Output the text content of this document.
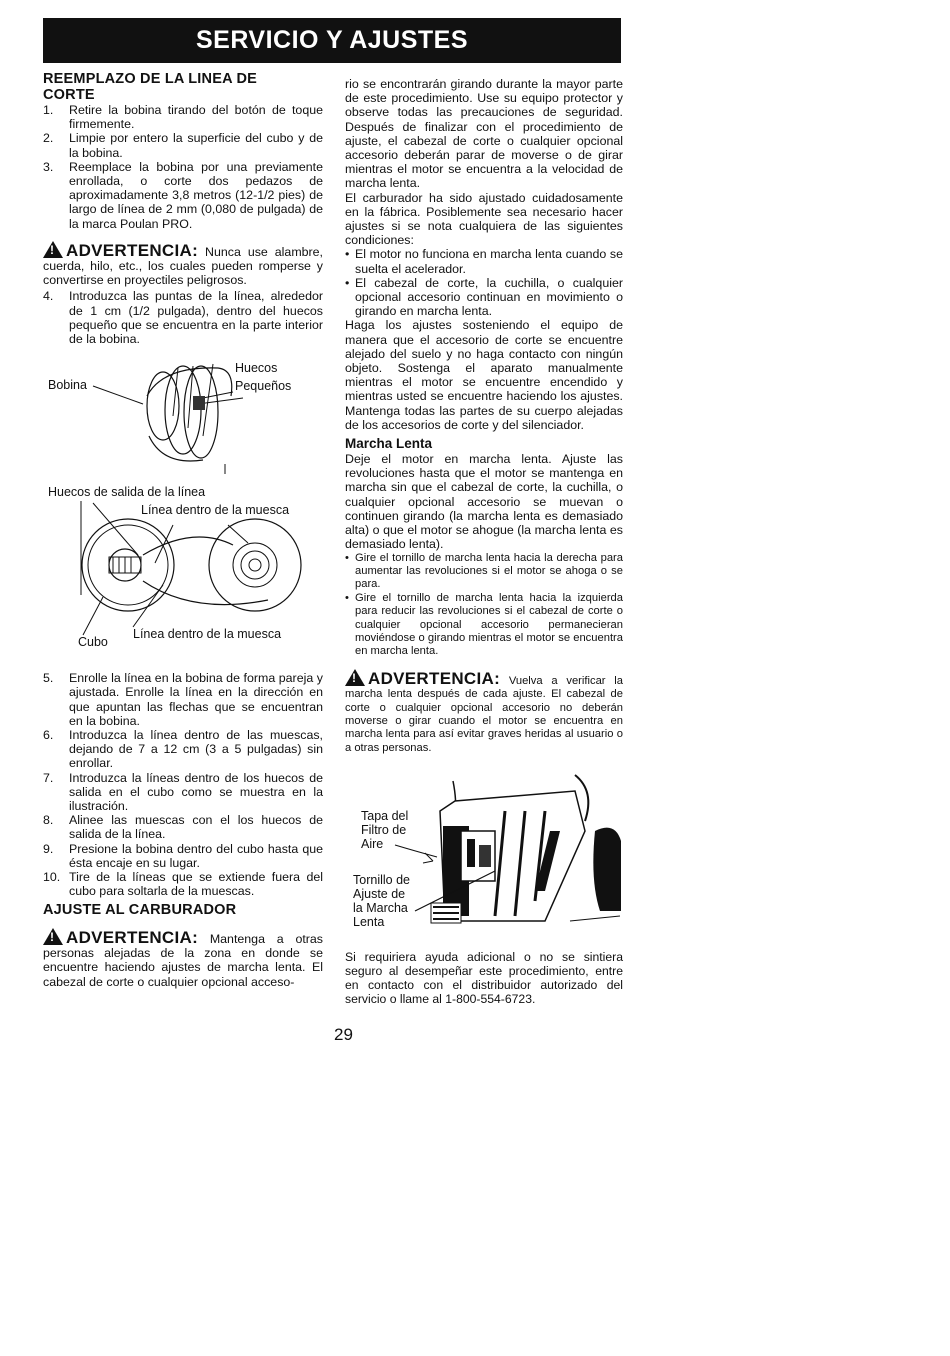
SERVICIO Y AJUSTES
REEMPLAZO DE LA LINEA DE CORTE
1. Retire la bobina tirando del botón de toque firmemente.
2. Limpie por entero la superficie del cubo y de la bobina.
3. Reemplace la bobina por una previamente enrollada, o corte dos pedazos de aproximadamente 3,8 metros (12-1/2 pies) de largo de línea de 2 mm (0,080 de pulgada) de la marca Poulan PRO.
!ADVERTENCIA: Nunca use alambre, cuerda, hilo, etc., los cuales pueden romperse y convertirse en proyectiles peligrosos.
4. Introduzca las puntas de la línea, alrededor de 1 cm (1/2 pulgada), dentro del huecos pequeño que se encuentra en la parte interior de la bobina.
Bobina
Huecos
Pequeños
Huecos de salida de la línea
Línea dentro de la muesca
Cubo
Línea dentro de la muesca
5. Enrolle la línea en la bobina de forma pareja y ajustada. Enrolle la línea en la dirección en que apuntan las flechas que se encuentran en la bobina.
6. Introduzca la línea dentro de las muescas, dejando de 7 a 12 cm (3 a 5 pulgadas) sin enrollar.
7. Introduzca la líneas dentro de los huecos de salida en el cubo como se muestra en la ilustración.
8. Alinee las muescas con el los huecos de salida de la línea.
9. Presione la bobina dentro del cubo hasta que ésta encaje en su lugar.
10. Tire de la líneas que se extiende fuera del cubo para soltarla de la muescas.
AJUSTE AL CARBURADOR
!ADVERTENCIA: Mantenga a otras personas alejadas de la zona en donde se encuentre haciendo ajustes de marcha lenta. El cabezal de corte o cualquier opcional acceso-
rio se encontrarán girando durante la mayor parte de este procedimiento. Use su equipo protector y observe todas las precauciones de seguridad. Después de finalizar con el procedimiento de ajuste, el cabezal de corte o cualquier opcional accesorio deberán parar de moverse o de girar mientras el motor se encuentra a la velocidad de marcha lenta.
El carburador ha sido ajustado cuidadosamente en la fábrica. Posiblemente sea necesario hacer ajustes si se nota cualquiera de las siguientes condiciones:
• El motor no funciona en marcha lenta cuando se suelta el acelerador.
• El cabezal de corte, la cuchilla, o cualquier opcional accesorio continuan en movimiento o girando en marcha lenta.
Haga los ajustes sosteniendo el equipo de manera que el accesorio de corte se encuentre alejado del suelo y no haga contacto con ningún objeto. Sostenga el aparato manualmente mientras el motor se encuentre encendido y mientras usted se encuentre haciendo los ajustes. Mantenga todas las partes de su cuerpo alejadas de los accesorios de corte y del silenciador.
Marcha Lenta
Deje el motor en marcha lenta. Ajuste las revoluciones hasta que el motor se mantenga en marcha sin que el cabezal de corte, la cuchilla, o cualquier opcional accesorio se muevan o continuen girando (la marcha lenta es demasiado alta) o que el motor se ahogue (la marcha lenta es demasiado lenta).
• Gire el tornillo de marcha lenta hacia la derecha para aumentar las revoluciones si el motor se ahoga o se para.
• Gire el tornillo de marcha lenta hacia la izquierda para reducir las revoluciones si el cabezal de corte o cualquier opcional accesorio permanecieran moviéndose o girando mientras el motor se encuentra en marcha lenta.
!ADVERTENCIA: Vuelva a verificar la marcha lenta después de cada ajuste. El cabezal de corte o cualquier opcional accesorio no deberán moverse o girar cuando el motor se encuentra en marcha lenta para así evitar graves heridas al usuario o a otras personas.
Tapa del
Filtro de
Aire
Tornillo de
Ajuste de
la Marcha
Lenta
Si requiriera ayuda adicional o no se sintiera seguro al desempeñar este procedimiento, entre en contacto con el distribuidor autorizado del servicio o llame al 1-800-554-6723.
29
